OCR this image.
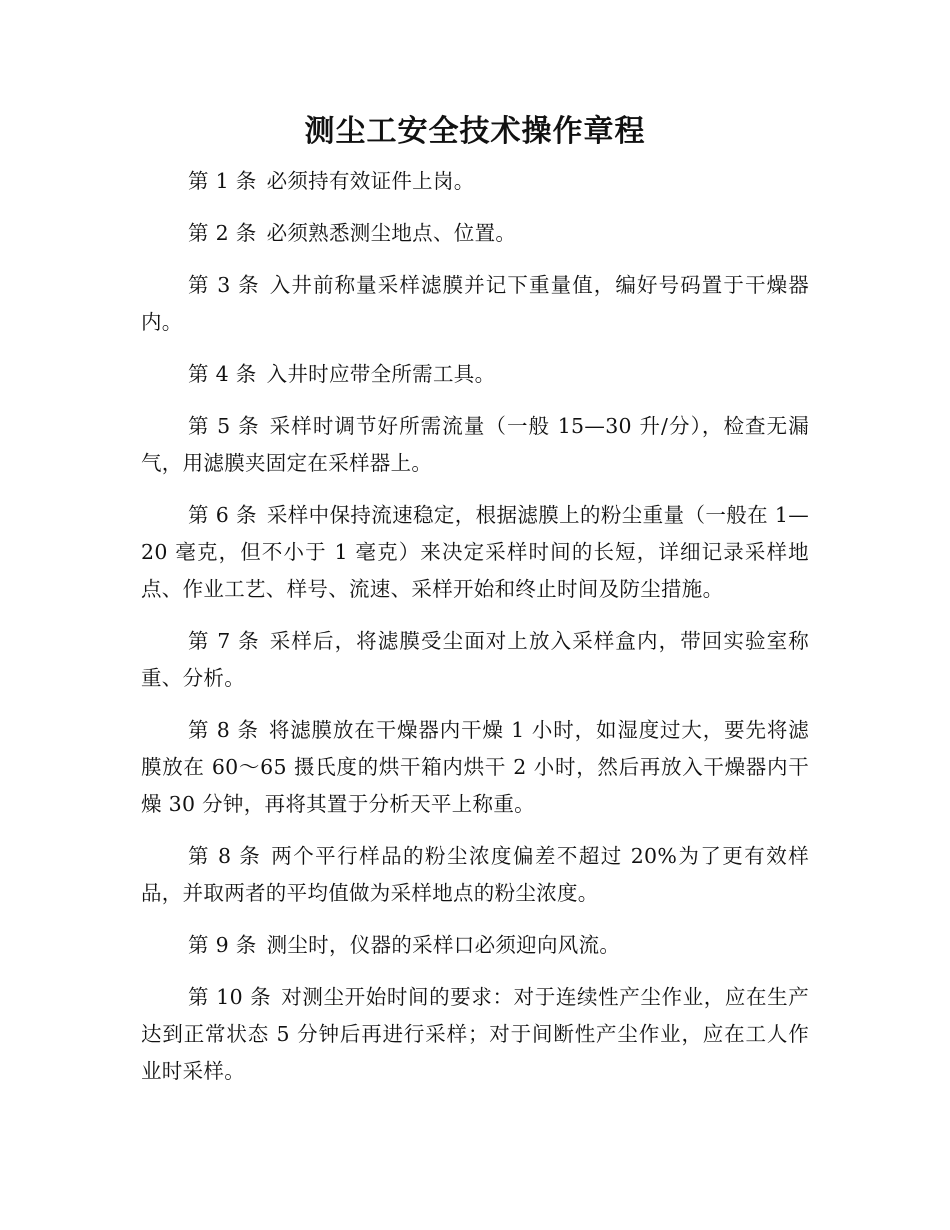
测尘工安全技术操作章程

第 1 条 必须持有效证件上岗。

第 2 条 必须熟悉测尘地点、位置。

第 3 条 入井前称量采样滤膜并记下重量值，编好号码置于干燥器内。

第 4 条 入井时应带全所需工具。

第 5 条 采样时调节好所需流量（一般 15—30 升/分），检查无漏气，用滤膜夹固定在采样器上。

第 6 条 采样中保持流速稳定，根据滤膜上的粉尘重量（一般在 1—20 毫克，但不小于 1 毫克）来决定采样时间的长短，详细记录采样地点、作业工艺、样号、流速、采样开始和终止时间及防尘措施。

第 7 条 采样后，将滤膜受尘面对上放入采样盒内，带回实验室称重、分析。

第 8 条 将滤膜放在干燥器内干燥 1 小时，如湿度过大，要先将滤膜放在 60～65 摄氏度的烘干箱内烘干 2 小时，然后再放入干燥器内干燥 30 分钟，再将其置于分析天平上称重。

第 8 条 两个平行样品的粉尘浓度偏差不超过 20%为了更有效样品，并取两者的平均值做为采样地点的粉尘浓度。

第 9 条 测尘时，仪器的采样口必须迎向风流。

第 10 条 对测尘开始时间的要求：对于连续性产尘作业，应在生产达到正常状态 5 分钟后再进行采样；对于间断性产尘作业，应在工人作业时采样。
